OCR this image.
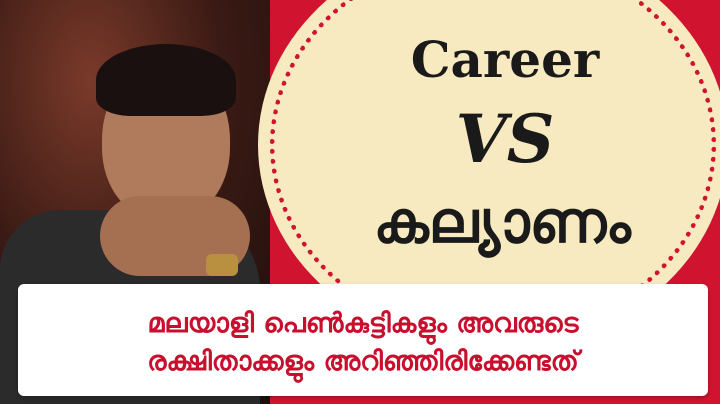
Career
VS
കല്യാണം
മലയാളി പെൺകുട്ടികളും അവരുടെ
രക്ഷിതാക്കളും അറിഞ്ഞിരിക്കേണ്ടത്
